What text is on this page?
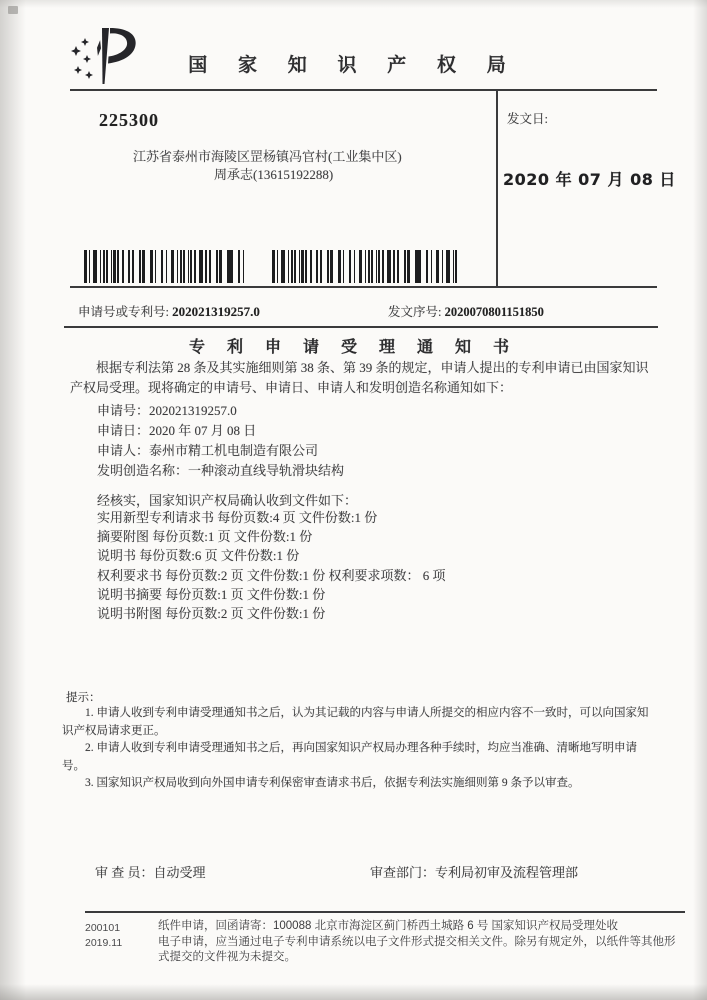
国 家 知 识 产 权 局
225300
江苏省泰州市海陵区罡杨镇冯官村(工业集中区)
周承志(13615192288)
发文日:
2020 年 07 月 08 日
申请号或专利号: 202021319257.0	发文序号: 2020070801151850
专 利 申 请 受 理 通 知 书

根据专利法第 28 条及其实施细则第 38 条、第 39 条的规定，申请人提出的专利申请已由国家知识产权局受理。现将确定的申请号、申请日、申请人和发明创造名称通知如下：

申请号：202021319257.0
申请日：2020 年 07 月 08 日
申请人：泰州市精工机电制造有限公司
发明创造名称：一种滚动直线导轨滑块结构
经核实，国家知识产权局确认收到文件如下：
实用新型专利请求书 每份页数:4 页 文件份数:1 份
摘要附图 每份页数:1 页 文件份数:1 份
说明书 每份页数:6 页 文件份数:1 份
权利要求书 每份页数:2 页 文件份数:1 份 权利要求项数： 6 项
说明书摘要 每份页数:1 页 文件份数:1 份
说明书附图 每份页数:2 页 文件份数:1 份
提示：

1. 申请人收到专利申请受理通知书之后，认为其记载的内容与申请人所提交的相应内容不一致时，可以向国家知识产权局请求更正。

2. 申请人收到专利申请受理通知书之后，再向国家知识产权局办理各种手续时，均应当准确、清晰地写明申请号。

3. 国家知识产权局收到向外国申请专利保密审查请求书后，依据专利法实施细则第 9 条予以审查。

审 查 员：自动受理	审查部门：专利局初审及流程管理部
200101
2019.11

纸件申请，回函请寄：100088 北京市海淀区蓟门桥西土城路 6 号 国家知识产权局受理处收

电子申请，应当通过电子专利申请系统以电子文件形式提交相关文件。除另有规定外，以纸件等其他形式提交的文件视为未提交。
